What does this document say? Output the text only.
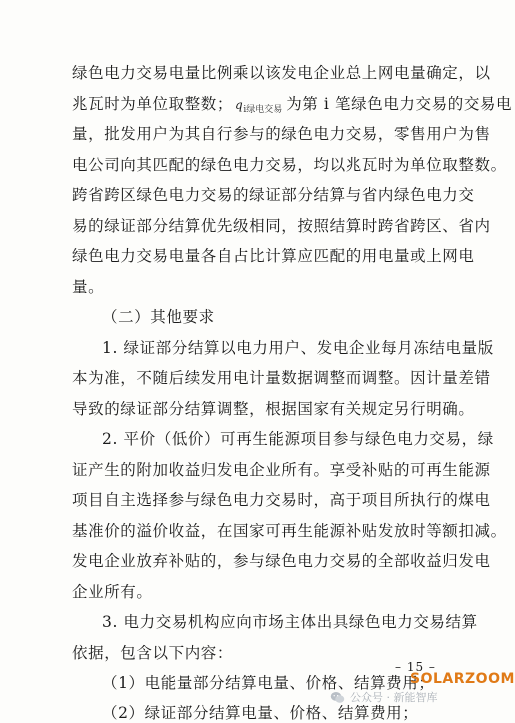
绿色电力交易电量比例乘以该发电企业总上网电量确定，以
兆瓦时为单位取整数； $q_{i绿电交易}$ 为第 i 笔绿色电力交易的交易电
量，批发用户为其自行参与的绿色电力交易，零售用户为售
电公司向其匹配的绿色电力交易，均以兆瓦时为单位取整数。
跨省跨区绿色电力交易的绿证部分结算与省内绿色电力交
易的绿证部分结算优先级相同，按照结算时跨省跨区、省内
绿色电力交易电量各自占比计算应匹配的用电量或上网电
量。
（二）其他要求
1. 绿证部分结算以电力用户、发电企业每月冻结电量版
本为准，不随后续发用电计量数据调整而调整。因计量差错
导致的绿证部分结算调整，根据国家有关规定另行明确。
2. 平价（低价）可再生能源项目参与绿色电力交易，绿
证产生的附加收益归发电企业所有。享受补贴的可再生能源
项目自主选择参与绿色电力交易时，高于项目所执行的煤电
基准价的溢价收益，在国家可再生能源补贴发放时等额扣减。
发电企业放弃补贴的，参与绿色电力交易的全部收益归发电
企业所有。
3. 电力交易机构应向市场主体出具绿色电力交易结算
依据，包含以下内容：
（1）电能量部分结算电量、价格、结算费用；
（2）绿证部分结算电量、价格、结算费用；
– 15 –
SOLARZOOM
公众号 · 新能智库
